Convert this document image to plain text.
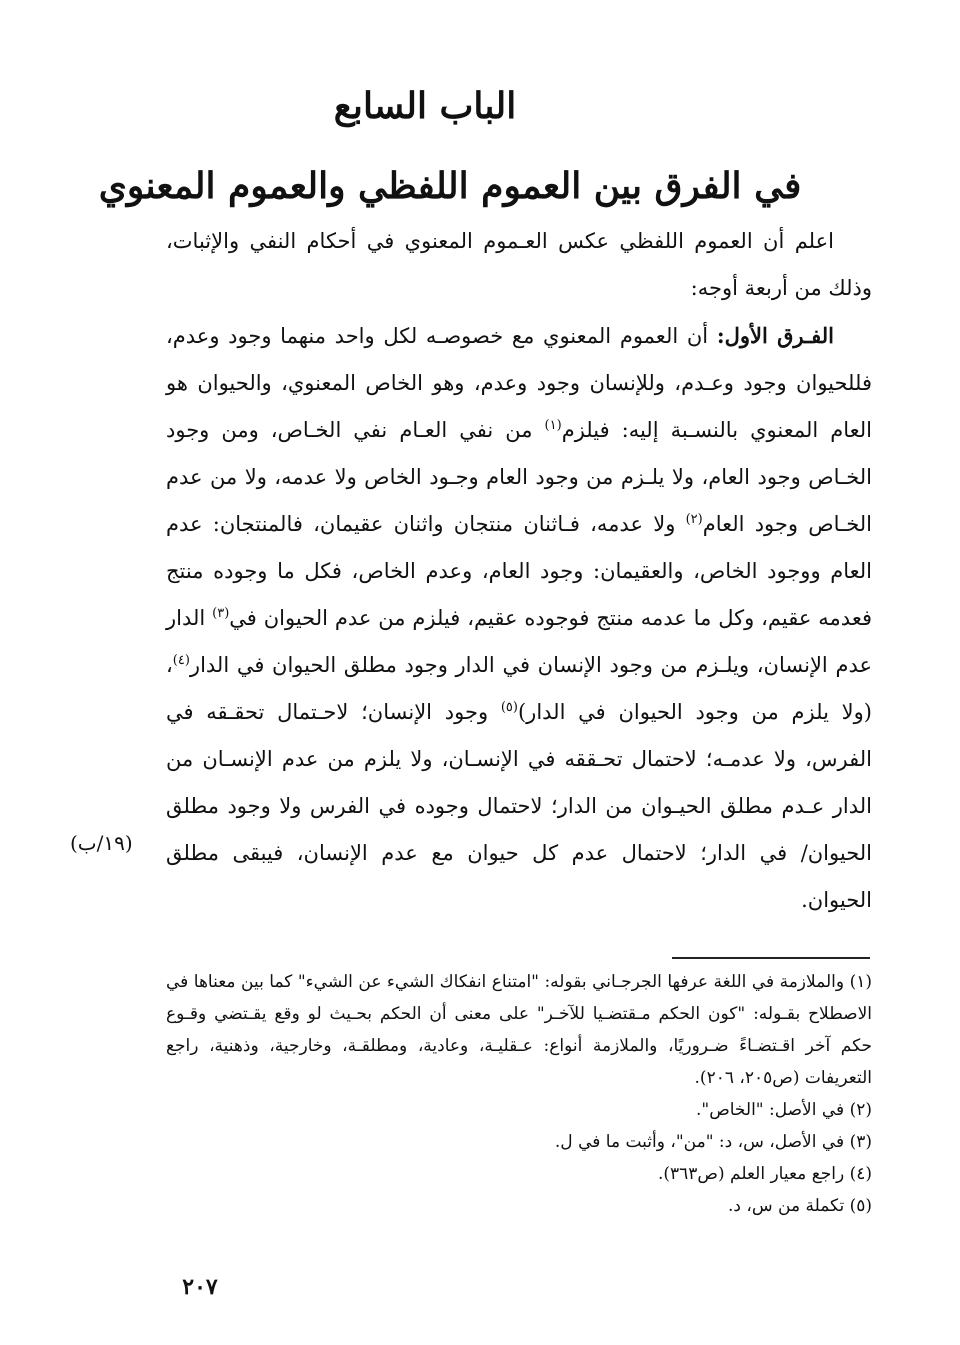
الباب السابع
في الفرق بين العموم اللفظي والعموم المعنوي

اعلم أن العموم اللفظي عكس العـموم المعنوي في أحكام النفي والإثبات، وذلك من أربعة أوجه:

الفـرق الأول: أن العموم المعنوي مع خصوصـه لكل واحد منهما وجود وعدم، فللحيوان وجود وعـدم، وللإنسان وجود وعدم، وهو الخاص المعنوي، والحيوان هو العام المعنوي بالنسـبة إليه: فيلزم$^{(١)}$ من نفي العـام نفي الخـاص، ومن وجود الخـاص وجود العام، ولا يلـزم من وجود العام وجـود الخاص ولا عدمه، ولا من عدم الخـاص وجود العام$^{(٢)}$ ولا عدمه، فـاثنان منتجان واثنان عقيمان، فالمنتجان: عدم العام ووجود الخاص، والعقيمان: وجود العام، وعدم الخاص، فكل ما وجوده منتج فعدمه عقيم، وكل ما عدمه منتج فوجوده عقيم، فيلزم من عدم الحيوان في$^{(٣)}$ الدار عدم الإنسان، ويلـزم من وجود الإنسان في الدار وجود مطلق الحيوان في الدار$^{(٤)}$،(ولا يلزم من وجود الحيوان في الدار)$^{(٥)}$ وجود الإنسان؛ لاحـتمال تحقـقه في الفرس، ولا عدمـه؛ لاحتمال تحـققه في الإنسـان، ولا يلزم من عدم الإنسـان من الدار عـدم مطلق الحيـوان من الدار؛ لاحتمال وجوده في الفرس ولا وجود مطلق الحيوان/ في الدار؛ لاحتمال عدم كل حيوان مع عدم الإنسان، فيبقى مطلق الحيوان.

(١٩/ب)

(١) والملازمة في اللغة عرفها الجرجـاني بقوله: "امتناع انفكاك الشيء عن الشيء" كما بين معناها في الاصطلاح بقـوله: "كون الحكم مـقتضـيا للآخـر" على معنى أن الحكم بحـيث لو وقع يقـتضي وقـوع حكم آخر اقـتضـاءً ضـروريًا، والملازمة أنواع: عـقليـة، وعادية، ومطلقـة، وخارجية، وذهنية، راجع التعريفات (ص٢٠٥، ٢٠٦).

(٢) في الأصل: "الخاص".

(٣) في الأصل، س، د: "من"، وأثبت ما في ل.

(٤) راجع معيار العلم (ص٣٦٣).

(٥) تكملة من س، د.

٢٠٧
